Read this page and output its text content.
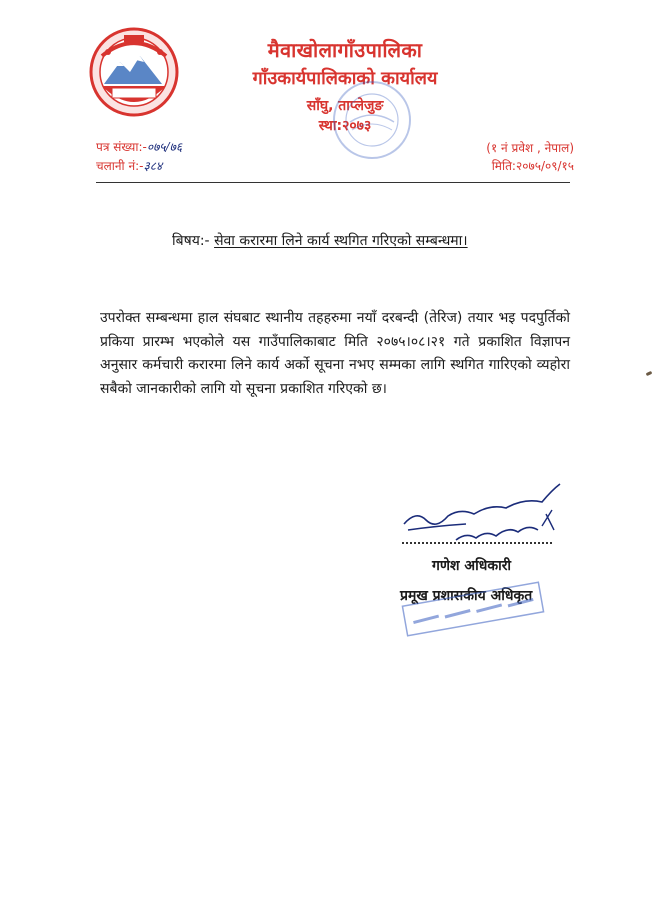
मैवाखोलागाँउपालिका
गाँउकार्यपालिकाको कार्यालय
साँघु, ताप्लेजुङ
स्था:२०७३
पत्र संख्या:-०७५/७६
चलानी नं:-३८४
(१ नं प्रवेश , नेपाल)
मिति:२०७५/०९/१५
बिषय:- सेवा करारमा लिने कार्य स्थगित गरिएको सम्बन्धमा।
उपरोक्त सम्बन्धमा हाल संघबाट स्थानीय तहहरुमा नयाँ दरबन्दी (तेरिज) तयार भइ पदपुर्तिको प्रकिया प्रारम्भ भएकोले यस गाउँपालिकाबाट मिति २०७५।०८।२१ गते प्रकाशित विज्ञापन अनुसार कर्मचारी करारमा लिने कार्य अर्को सूचना नभए सम्मका लागि स्थगित गारिएको व्यहोरा सबैको जानकारीको लागि यो सूचना प्रकाशित गरिएको छ।
गणेश अधिकारी
प्रमूख प्रशासकीय अधिकृत
